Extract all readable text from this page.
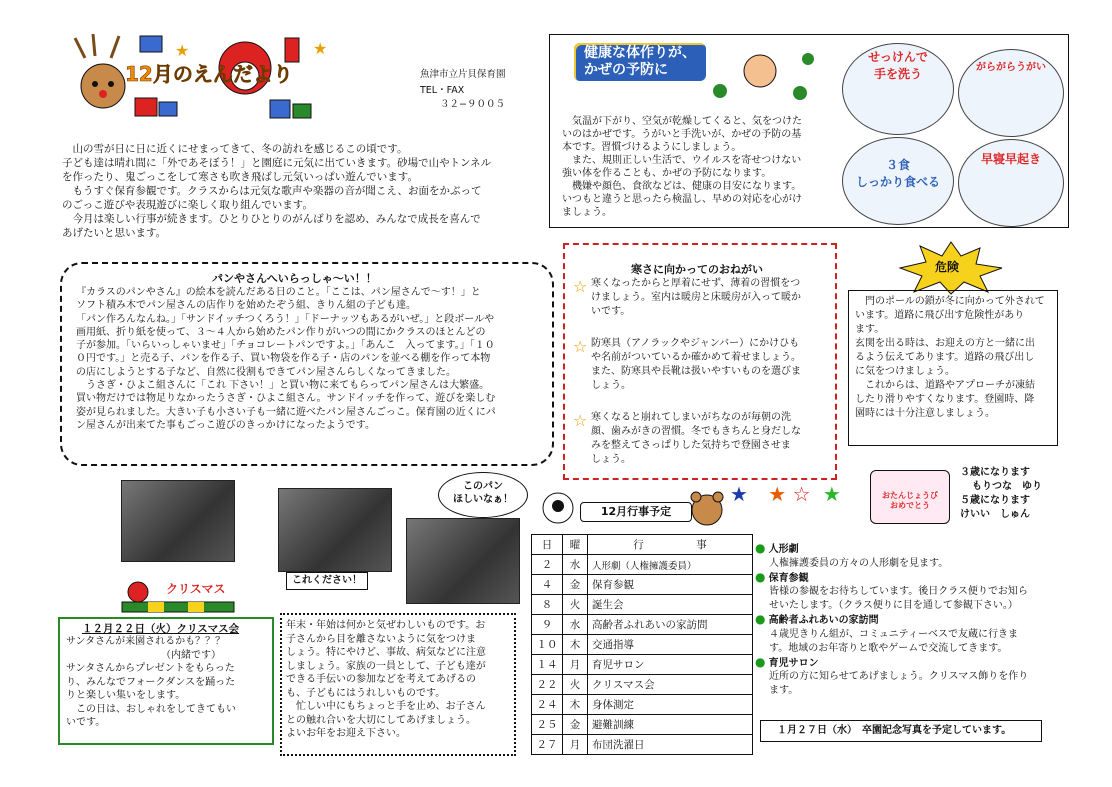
★	★
12月のえんだより	魚津市立片貝保育園
TEL・FAX
３２−９００５
　山の雪が日に日に近くにせまってきて、冬の訪れを感じるこの頃です。
子ども達は晴れ間に「外であそぼう！」と園庭に元気に出ていきます。砂場で山やトンネル
を作ったり、鬼ごっこをして寒さも吹き飛ばし元気いっぱい遊んでいます。
　もうすぐ保育参観です。クラスからは元気な歌声や楽器の音が聞こえ、お面をかぶって
のごっこ遊びや表現遊びに楽しく取り組んでいます。
　今月は楽しい行事が続きます。ひとりひとりのがんばりを認め、みんなで成長を喜んで
あげたいと思います。
健康な体作りが、
かぜの予防に
　気温が下がり、空気が乾燥してくると、気をつけた
いのはかぜです。うがいと手洗いが、かぜの予防の基
本です。習慣づけるようにしましょう。
　また、規則正しい生活で、ウイルスを寄せつけない
強い体を作ることも、かぜの予防になります。
　機嫌や顔色、食欲などは、健康の目安になります。
いつもと違うと思ったら検温し、早めの対応を心がけ
ましょう。
せっけんで
手を洗う	がらがらうがい
３食
しっかり食べる
早寝早起き
パンやさんへいらっしゃ〜い！！
『カラスのパンやさん』の絵本を読んだある日のこと。「ここは、パン屋さんで〜す！」と
ソフト積み木でパン屋さんの店作りを始めたぞう組、きりん組の子ども達。
「パン作ろんなんね。」「サンドイッチつくろう！」「ドーナッツもあるがいぜ。」と段ボールや
画用紙、折り紙を使って、３〜４人から始めたパン作りがいつの間にかクラスのほとんどの
子が参加。「いらいっしゃいませ」「チョコレートパンですよ。」「あんこ　入ってます。」「１０
０円です。」と売る子、パンを作る子、買い物袋を作る子・店のパンを並べる棚を作って本物
の店にしようとする子など、自然に役割もできてパン屋さんらしくなってきました。
　うさぎ・ひよこ組さんに「これ 下さい！」と買い物に来てもらってパン屋さんは大繁盛。
買い物だけでは物足りなかったうさぎ・ひよこ組さん。サンドイッチを作って、遊びを楽しむ
姿が見られました。大きい子も小さい子も一緒に遊べたパン屋さんごっこ。保育園の近くにパ
ン屋さんが出来てた事もごっこ遊びのきっかけになったようです。
寒さに向かってのおねがい
☆ 寒くなったからと厚着にせず、薄着の習慣をつ
けましょう。室内は暖房と床暖房が入って暖か
いです。
☆ 防寒具（アノラックやジャンバー）にかけひも
や名前がついているか確かめて着せましょう。
また、防寒具や長靴は扱いやすいものを選びま
しょう。
☆ 寒くなると崩れてしまいがちなのが毎朝の洗
顔、歯みがきの習慣。冬でもきちんと身だしな
みを整えてさっぱりした気持ちで登園させま
しょう。
危険
　門のポールの鎖が冬に向かって外されて
います。道路に飛び出す危険性があり
ます。
玄関を出る時は、お迎えの方と一緒に出
るよう伝えてあります。道路の飛び出し
に気をつけましょう。
　これからは、道路やアプローチが凍結
したり滑りやすくなります。登園時、降
園時には十分注意しましょう。
これください！
このパン
ほしいなぁ！
クリスマス
１２月２２日（火）クリスマス会
サンタさんが来園されるかも？？？
　　　　　　　　　　（内緒です）
サンタさんからプレゼントをもらった
り、みんなでフォークダンスを踊った
りと楽しい集いをします。
　この日は、おしゃれをしてきてもい
いです。
年末・年始は何かと気ぜわしいものです。お
子さんから目を離さないように気をつけま
しょう。特にやけど、事故、病気などに注意
しましょう。家族の一員として、子ども達が
できる手伝いの参加などを考えてあげるの
も、子どもにはうれしいものです。
　忙しい中にもちょっと手を止め、お子さん
との触れ合いを大切にしてあげましょう。
よいお年をお迎え下さい。
12月行事予定
日	曜	行　　　　　事
２	水	人形劇（人権擁護委員）
４	金	保育参観
８	火	誕生会
９	水	高齢者ふれあいの家訪問
１０	木	交通指導
１４	月	育児サロン
２２	火	クリスマス会
２４	木	身体測定
２５	金	避難訓練
２７	月	布団洗濯日
★ ★ ☆ ★	おたんじょうび
おめでとう
３歳になります
もりつな　ゆり
５歳になります
けいい　しゅん
● 人形劇
人権擁護委員の方々の人形劇を見ます。
● 保育参観
皆様の参観をお待ちしています。後日クラス便りでお知ら
せいたします。（クラス便りに目を通して参観下さい。）
● 高齢者ふれあいの家訪問
４歳児きりん組が、コミュニティーベスで友蔵に行きま
す。地域のお年寄りと歌やゲームで交流してきます。
● 育児サロン
近所の方に知らせてあげましょう。クリスマス飾りを作り
ます。
１月２７日（水）　卒園記念写真を予定しています。
